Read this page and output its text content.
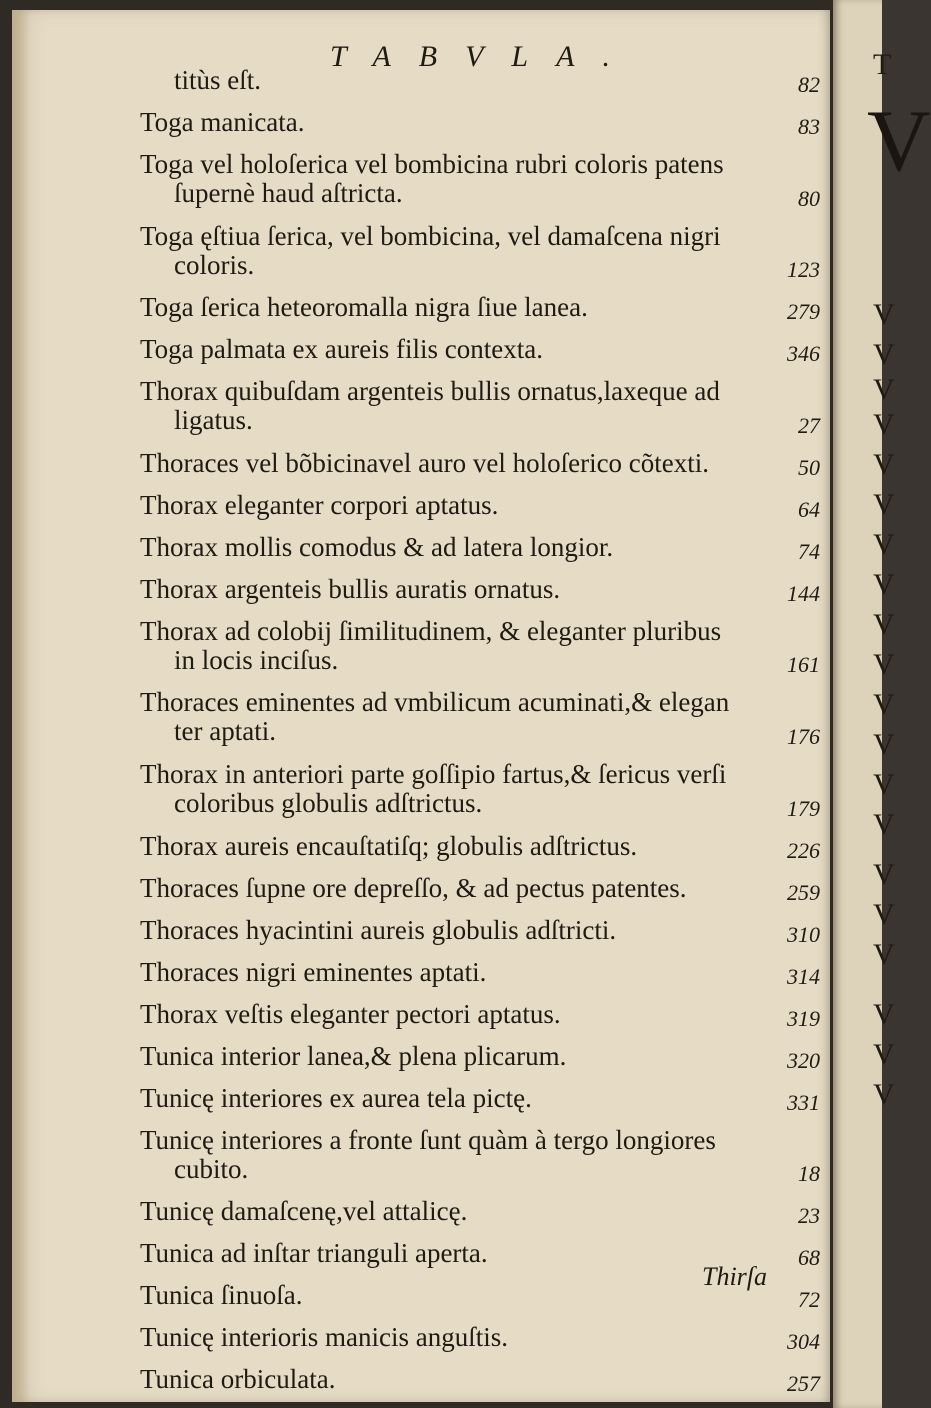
V
T
V
V
V
V
V
V
V
V
V
V
V
V
V
V
V
V
V
V
V
V
TABVLA.
titùs eſt.	82
Toga manicata.	83
Toga vel holoſerica vel bombicina rubri coloris patens
ſupernè haud aſtricta.	80
Toga ęſtiua ſerica, vel bombicina, vel damaſcena nigri
coloris.	123
Toga ſerica heteoromalla nigra ſiue lanea.	279
Toga palmata ex aureis filis contexta.	346
Thorax quibuſdam argenteis bullis ornatus,laxeque ad
ligatus.	27
Thoraces vel bõbicinavel auro vel holoſerico cõtexti.	50
Thorax eleganter corpori aptatus.	64
Thorax mollis comodus & ad latera longior.	74
Thorax argenteis bullis auratis ornatus.	144
Thorax ad colobij ſimilitudinem, & eleganter pluribus
in locis inciſus.	161
Thoraces eminentes ad vmbilicum acuminati,& elegan
ter aptati.	176
Thorax in anteriori parte goſſipio fartus,& ſericus verſi
coloribus globulis adſtrictus.	179
Thorax aureis encauſtatiſq; globulis adſtrictus.	226
Thoraces ſupne ore depreſſo, & ad pectus patentes.	259
Thoraces hyacintini aureis globulis adſtricti.	310
Thoraces nigri eminentes aptati.	314
Thorax veſtis eleganter pectori aptatus.	319
Tunica interior lanea,& plena plicarum.	320
Tunicę interiores ex aurea tela pictę.	331
Tunicę interiores a fronte ſunt quàm à tergo longiores
cubito.	18
Tunicę damaſcenę,vel attalicę.	23
Tunica ad inſtar trianguli aperta.	68
Tunica ſinuoſa.	72
Tunicę interioris manicis anguſtis.	304
Tunica orbiculata.	257
Thirſa
